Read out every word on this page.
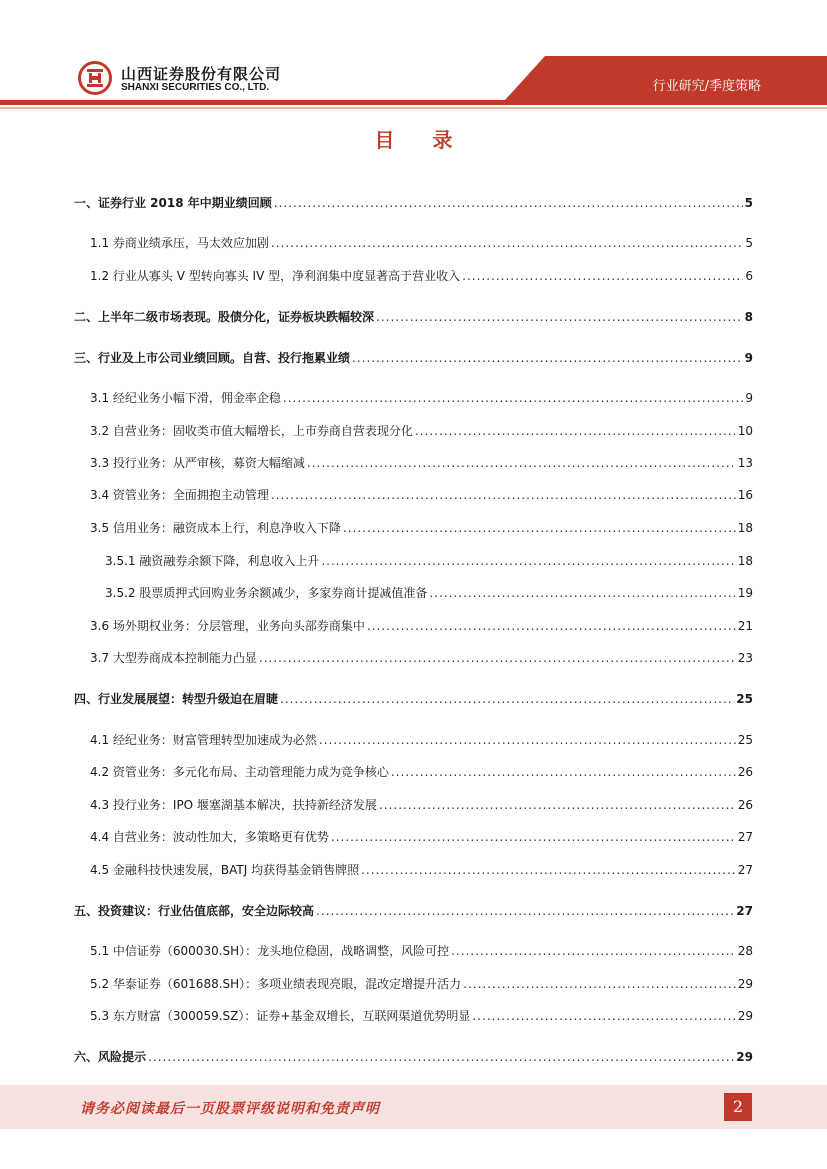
山西证券股份有限公司
SHANXI SECURITIES CO., LTD.	行业研究/季度策略
目录
一、证券行业 2018 年中期业绩回顾 .....	5
1.1 券商业绩承压，马太效应加剧 .....	5
1.2 行业从寡头 V 型转向寡头 IV 型，净利润集中度显著高于营业收入 .....	6
二、上半年二级市场表现。股债分化，证券板块跌幅较深 .....	8
三、行业及上市公司业绩回顾。自营、投行拖累业绩 .....	9
3.1 经纪业务小幅下滑，佣金率企稳 .....	9
3.2 自营业务：固收类市值大幅增长，上市券商自营表现分化 .....	10
3.3 投行业务：从严审核，募资大幅缩减 .....	13
3.4 资管业务：全面拥抱主动管理 .....	16
3.5 信用业务：融资成本上行，利息净收入下降 .....	18
3.5.1 融资融券余额下降，利息收入上升 .....	18
3.5.2 股票质押式回购业务余额减少，多家券商计提减值准备 .....	19
3.6 场外期权业务：分层管理，业务向头部券商集中 .....	21
3.7 大型券商成本控制能力凸显 .....	23
四、行业发展展望：转型升级迫在眉睫 .....	25
4.1 经纪业务：财富管理转型加速成为必然 .....	25
4.2 资管业务：多元化布局、主动管理能力成为竞争核心 .....	26
4.3 投行业务：IPO 堰塞湖基本解决，扶持新经济发展 .....	26
4.4 自营业务：波动性加大，多策略更有优势 .....	27
4.5 金融科技快速发展，BATJ 均获得基金销售牌照 .....	27
五、投资建议：行业估值底部，安全边际较高 .....	27
5.1 中信证券（600030.SH）：龙头地位稳固，战略调整，风险可控 .....	28
5.2 华泰证券（601688.SH）：多项业绩表现亮眼，混改定增提升活力 .....	29
5.3 东方财富（300059.SZ）：证券+基金双增长，互联网渠道优势明显 .....	29
六、风险提示 .....	29
请务必阅读最后一页股票评级说明和免责声明	2
